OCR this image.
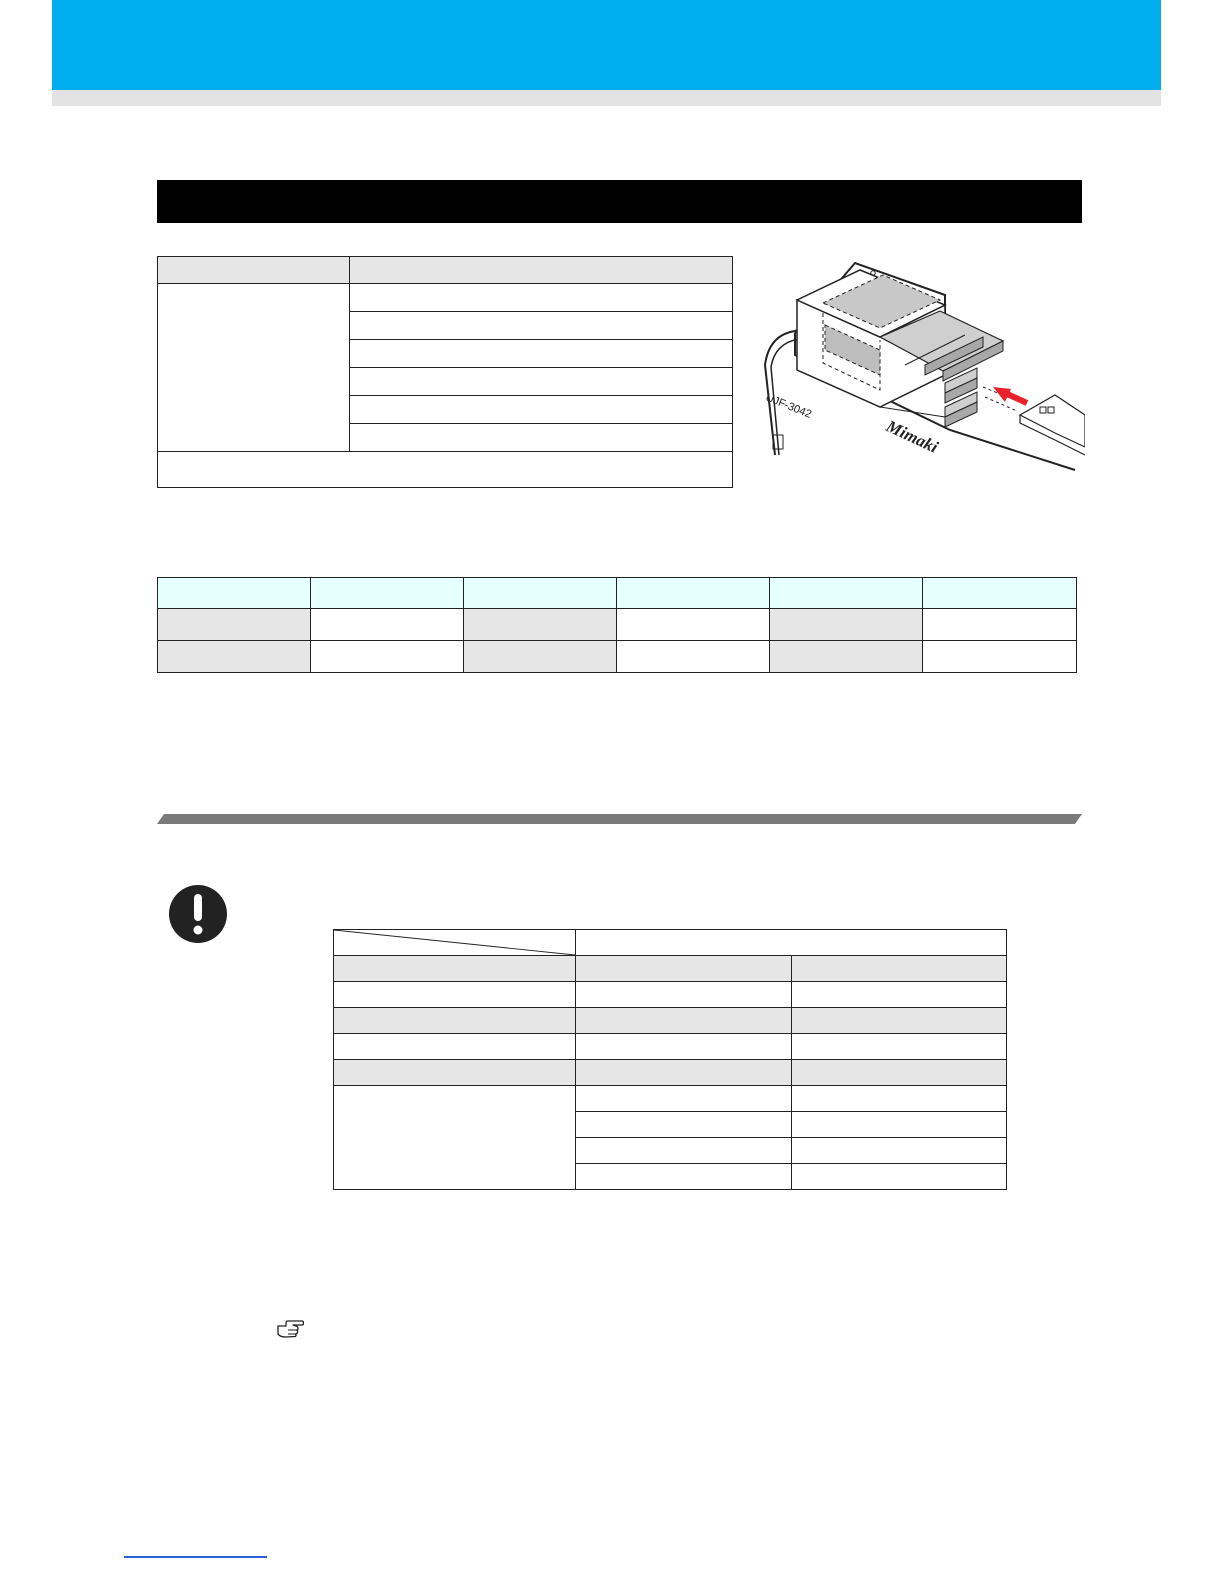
UJF-3042
Mimaki
